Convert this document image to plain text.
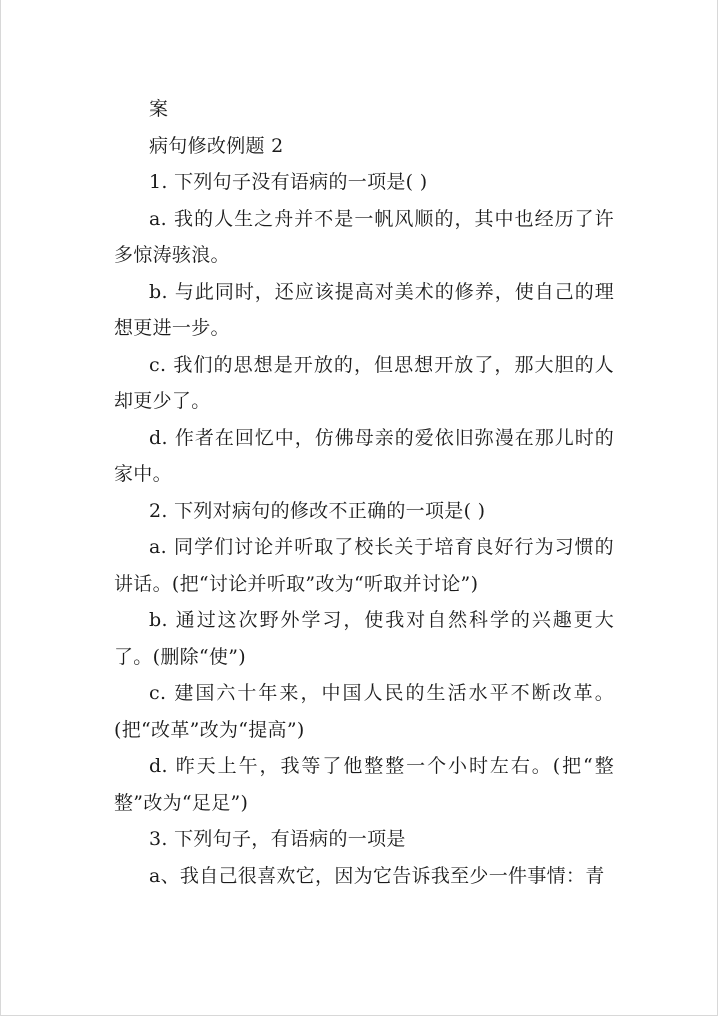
案

病句修改例题 2

1. 下列句子没有语病的一项是( )

a. 我的人生之舟并不是一帆风顺的，其中也经历了许多惊涛骇浪。

b. 与此同时，还应该提高对美术的修养，使自己的理想更进一步。

c. 我们的思想是开放的，但思想开放了，那大胆的人却更少了。

d. 作者在回忆中，仿佛母亲的爱依旧弥漫在那儿时的家中。

2. 下列对病句的修改不正确的一项是( )

a. 同学们讨论并听取了校长关于培育良好行为习惯的讲话。(把“讨论并听取”改为“听取并讨论”)

b. 通过这次野外学习，使我对自然科学的兴趣更大了。(删除“使”)

c. 建国六十年来，中国人民的生活水平不断改革。(把“改革”改为“提高”)

d. 昨天上午，我等了他整整一个小时左右。(把“整整”改为“足足”)

3. 下列句子，有语病的一项是

a、我自己很喜欢它，因为它告诉我至少一件事情：青
